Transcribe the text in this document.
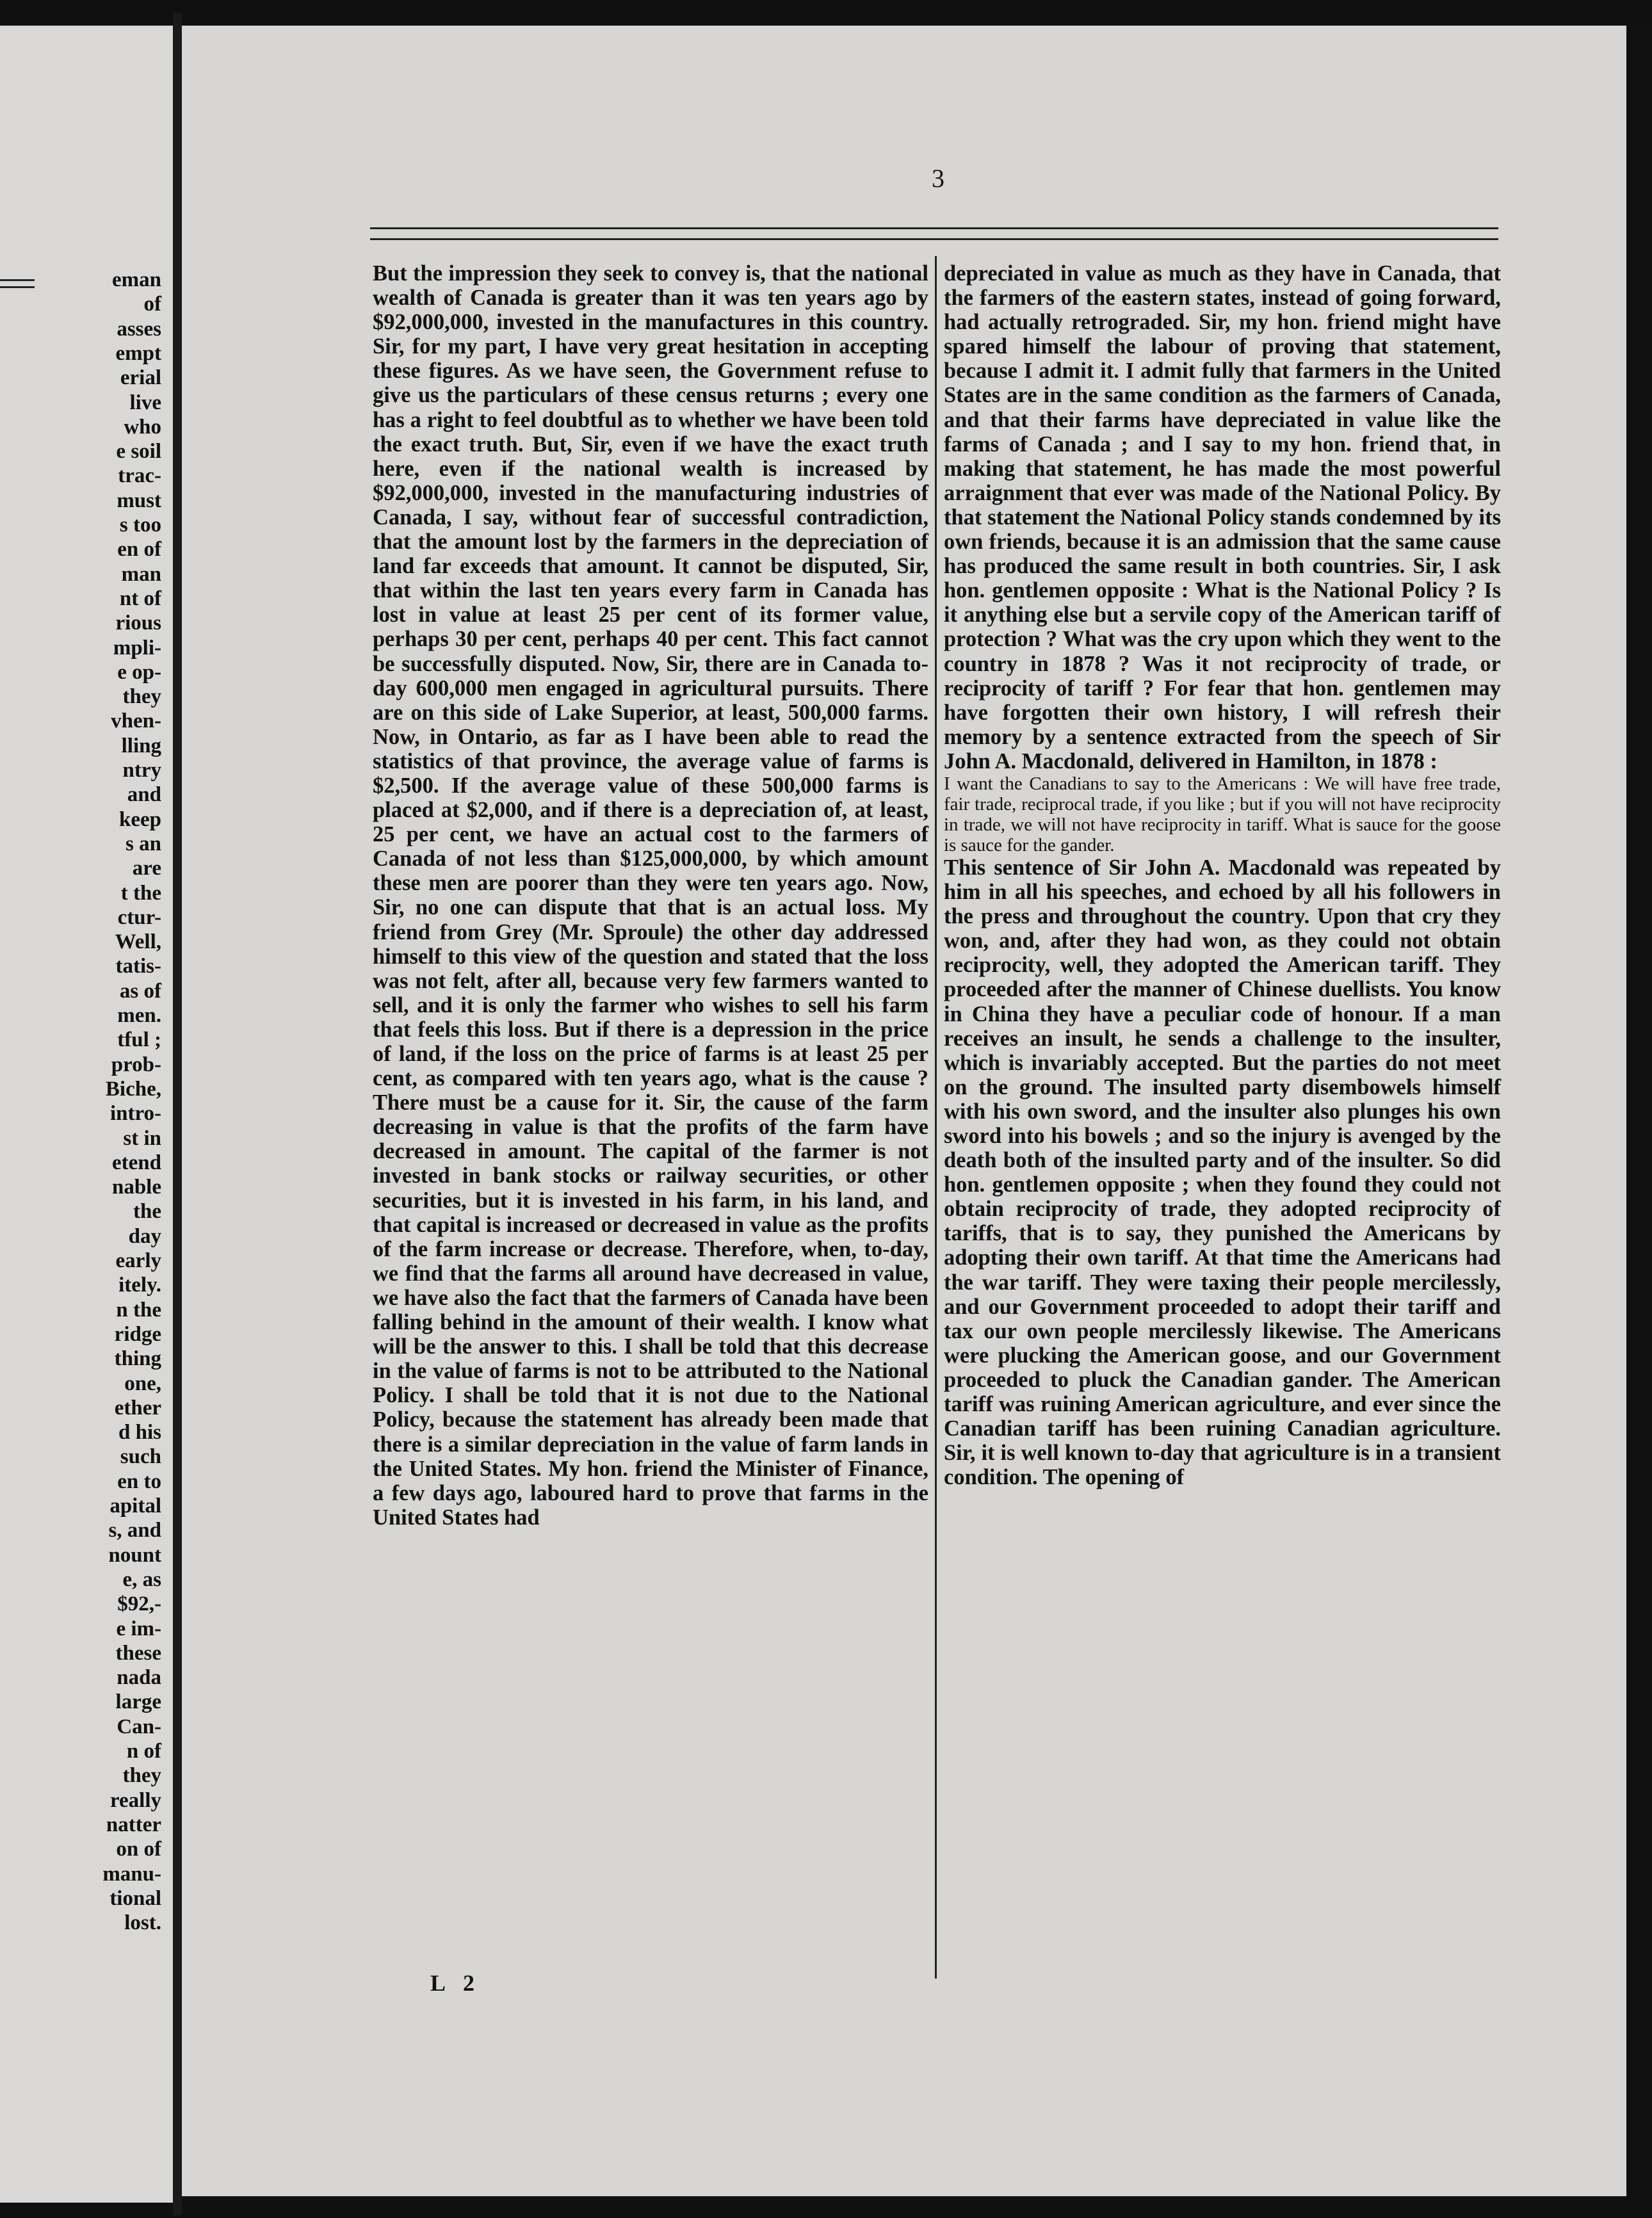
eman
of
asses
empt
erial
live
who
e soil
trac-
must
s too
en of
man
nt of
rious
mpli-
e op-
they
vhen-
lling
ntry
and
keep
s an
are
t the
ctur-
Well,
tatis-
as of
men.
tful ;
prob-
Biche,
intro-
st in
etend
nable
the
day
early
itely.
n the
ridge
thing
one,
ether
d his
such
en to
apital
s, and
nount
e, as
$92,-
e im-
these
nada
large
Can-
n of
they
really
natter
on of
manu-
tional
lost.
3

But the impression they seek to convey is, that the national wealth of Canada is greater than it was ten years ago by $92,000,000, invested in the manufactures in this country. Sir, for my part, I have very great hesitation in accepting these figures. As we have seen, the Government refuse to give us the particulars of these census returns ; every one has a right to feel doubtful as to whether we have been told the exact truth. But, Sir, even if we have the exact truth here, even if the national wealth is increased by $92,000,000, invested in the manufacturing industries of Canada, I say, without fear of successful contradiction, that the amount lost by the farmers in the depreciation of land far exceeds that amount. It cannot be disputed, Sir, that within the last ten years every farm in Canada has lost in value at least 25 per cent of its former value, perhaps 30 per cent, perhaps 40 per cent. This fact cannot be successfully disputed. Now, Sir, there are in Canada to-day 600,000 men engaged in agricultural pursuits. There are on this side of Lake Superior, at least, 500,000 farms. Now, in Ontario, as far as I have been able to read the statistics of that province, the average value of farms is $2,500. If the average value of these 500,000 farms is placed at $2,000, and if there is a depreciation of, at least, 25 per cent, we have an actual cost to the farmers of Canada of not less than $125,000,000, by which amount these men are poorer than they were ten years ago. Now, Sir, no one can dispute that that is an actual loss. My friend from Grey (Mr. Sproule) the other day addressed himself to this view of the question and stated that the loss was not felt, after all, because very few farmers wanted to sell, and it is only the farmer who wishes to sell his farm that feels this loss. But if there is a depression in the price of land, if the loss on the price of farms is at least 25 per cent, as compared with ten years ago, what is the cause ? There must be a cause for it. Sir, the cause of the farm decreasing in value is that the profits of the farm have decreased in amount. The capital of the farmer is not invested in bank stocks or railway securities, or other securities, but it is invested in his farm, in his land, and that capital is increased or decreased in value as the profits of the farm increase or decrease. Therefore, when, to-day, we find that the farms all around have decreased in value, we have also the fact that the farmers of Canada have been falling behind in the amount of their wealth. I know what will be the answer to this. I shall be told that this decrease in the value of farms is not to be attributed to the National Policy. I shall be told that it is not due to the National Policy, because the statement has already been made that there is a similar depreciation in the value of farm lands in the United States. My hon. friend the Minister of Finance, a few days ago, laboured hard to prove that farms in the United States had

depreciated in value as much as they have in Canada, that the farmers of the eastern states, instead of going forward, had actually retrograded. Sir, my hon. friend might have spared himself the labour of proving that statement, because I admit it. I admit fully that farmers in the United States are in the same condition as the farmers of Canada, and that their farms have depreciated in value like the farms of Canada ; and I say to my hon. friend that, in making that statement, he has made the most powerful arraignment that ever was made of the National Policy. By that statement the National Policy stands condemned by its own friends, because it is an admission that the same cause has produced the same result in both countries. Sir, I ask hon. gentlemen opposite : What is the National Policy ? Is it anything else but a servile copy of the American tariff of protection ? What was the cry upon which they went to the country in 1878 ? Was it not reciprocity of trade, or reciprocity of tariff ? For fear that hon. gentlemen may have forgotten their own history, I will refresh their memory by a sentence extracted from the speech of Sir John A. Macdonald, delivered in Hamilton, in 1878 :

I want the Canadians to say to the Americans : We will have free trade, fair trade, reciprocal trade, if you like ; but if you will not have reciprocity in trade, we will not have reciprocity in tariff. What is sauce for the goose is sauce for the gander.

This sentence of Sir John A. Macdonald was repeated by him in all his speeches, and echoed by all his followers in the press and throughout the country. Upon that cry they won, and, after they had won, as they could not obtain reciprocity, well, they adopted the American tariff. They proceeded after the manner of Chinese duellists. You know in China they have a peculiar code of honour. If a man receives an insult, he sends a challenge to the insulter, which is invariably accepted. But the parties do not meet on the ground. The insulted party disembowels himself with his own sword, and the insulter also plunges his own sword into his bowels ; and so the injury is avenged by the death both of the insulted party and of the insulter. So did hon. gentlemen opposite ; when they found they could not obtain reciprocity of trade, they adopted reciprocity of tariffs, that is to say, they punished the Americans by adopting their own tariff. At that time the Americans had the war tariff. They were taxing their people mercilessly, and our Government proceeded to adopt their tariff and tax our own people mercilessly likewise. The Americans were plucking the American goose, and our Government proceeded to pluck the Canadian gander. The American tariff was ruining American agriculture, and ever since the Canadian tariff has been ruining Canadian agriculture. Sir, it is well known to-day that agriculture is in a transient condition. The opening of

L 2
